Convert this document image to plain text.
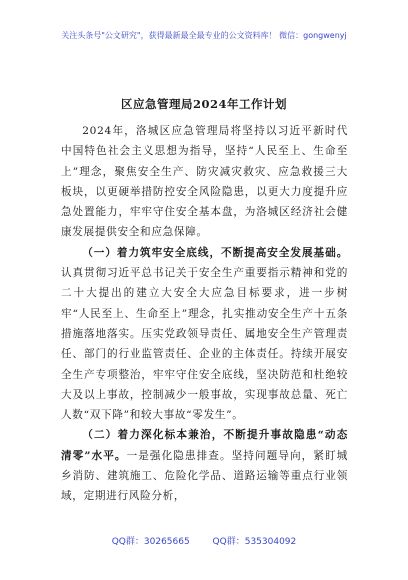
关注头条号"公文研究"，获得最新最全最专业的公文资料库！ 微信：gongwenyj
区应急管理局2024年工作计划

2024年，洛城区应急管理局将坚持以习近平新时代中国特色社会主义思想为指导，坚持“人民至上、生命至上”理念，聚焦安全生产、防灾减灾救灾、应急救援三大板块，以更硬举措防控安全风险隐患，以更大力度提升应急处置能力，牢牢守住安全基本盘，为洛城区经济社会健康发展提供安全和应急保障。

（一）着力筑牢安全底线，不断提高安全发展基础。认真贯彻习近平总书记关于安全生产重要指示精神和党的二十大提出的建立大安全大应急目标要求，进一步树牢“人民至上、生命至上”理念，扎实推动安全生产十五条措施落地落实。压实党政领导责任、属地安全生产管理责任、部门的行业监管责任、企业的主体责任。持续开展安全生产专项整治，牢牢守住安全底线，坚决防范和杜绝较大及以上事故，控制减少一般事故，实现事故总量、死亡人数“双下降”和较大事故“零发生”。

（二）着力深化标本兼治，不断提升事故隐患“动态清零”水平。一是强化隐患排查。坚持问题导向，紧盯城乡消防、建筑施工、危险化学品、道路运输等重点行业领域，定期进行风险分析，

QQ群：30265665 QQ群：535304092
